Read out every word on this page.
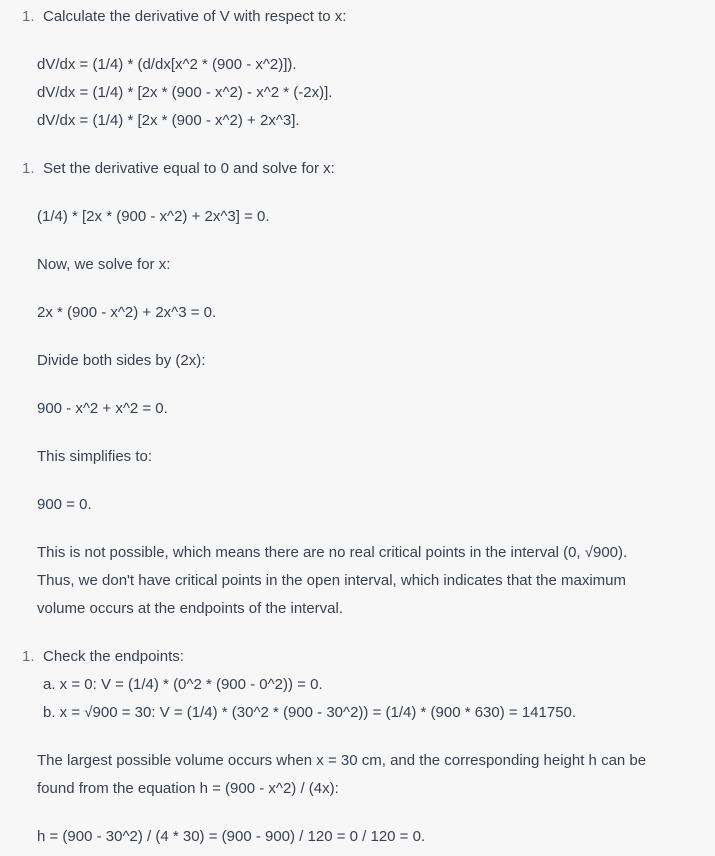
1. Calculate the derivative of V with respect to x:
dV/dx = (1/4) * (d/dx[x^2 * (900 - x^2)]).
dV/dx = (1/4) * [2x * (900 - x^2) - x^2 * (-2x)].
dV/dx = (1/4) * [2x * (900 - x^2) + 2x^3].
1. Set the derivative equal to 0 and solve for x:
(1/4) * [2x * (900 - x^2) + 2x^3] = 0.
Now, we solve for x:
2x * (900 - x^2) + 2x^3 = 0.
Divide both sides by (2x):
900 - x^2 + x^2 = 0.
This simplifies to:
900 = 0.
This is not possible, which means there are no real critical points in the interval (0, √900).
Thus, we don't have critical points in the open interval, which indicates that the maximum
volume occurs at the endpoints of the interval.
1. Check the endpoints:
a. x = 0: V = (1/4) * (0^2 * (900 - 0^2)) = 0.
b. x = √900 = 30: V = (1/4) * (30^2 * (900 - 30^2)) = (1/4) * (900 * 630) = 141750.
The largest possible volume occurs when x = 30 cm, and the corresponding height h can be
found from the equation h = (900 - x^2) / (4x):
h = (900 - 30^2) / (4 * 30) = (900 - 900) / 120 = 0 / 120 = 0.
